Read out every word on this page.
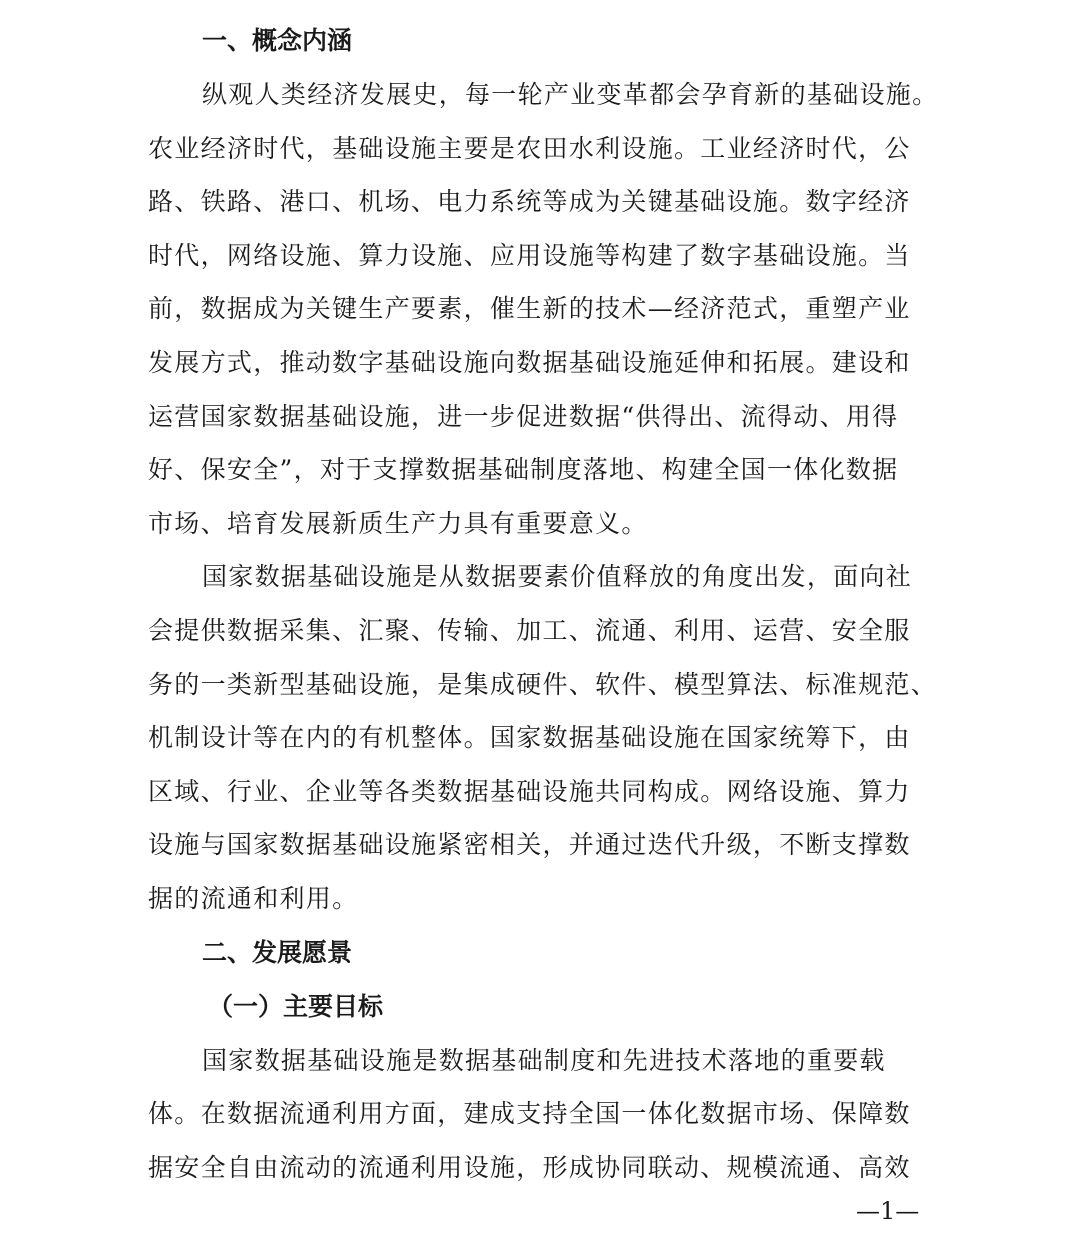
一、概念内涵
纵观人类经济发展史，每一轮产业变革都会孕育新的基础设施。
农业经济时代，基础设施主要是农田水利设施。工业经济时代，公
路、铁路、港口、机场、电力系统等成为关键基础设施。数字经济
时代，网络设施、算力设施、应用设施等构建了数字基础设施。当
前，数据成为关键生产要素，催生新的技术—经济范式，重塑产业
发展方式，推动数字基础设施向数据基础设施延伸和拓展。建设和
运营国家数据基础设施，进一步促进数据“供得出、流得动、用得
好、保安全”，对于支撑数据基础制度落地、构建全国一体化数据
市场、培育发展新质生产力具有重要意义。
国家数据基础设施是从数据要素价值释放的角度出发，面向社
会提供数据采集、汇聚、传输、加工、流通、利用、运营、安全服
务的一类新型基础设施，是集成硬件、软件、模型算法、标准规范、
机制设计等在内的有机整体。国家数据基础设施在国家统筹下，由
区域、行业、企业等各类数据基础设施共同构成。网络设施、算力
设施与国家数据基础设施紧密相关，并通过迭代升级，不断支撑数
据的流通和利用。
二、发展愿景
（一）主要目标
国家数据基础设施是数据基础制度和先进技术落地的重要载
体。在数据流通利用方面，建成支持全国一体化数据市场、保障数
据安全自由流动的流通利用设施，形成协同联动、规模流通、高效
—1—
